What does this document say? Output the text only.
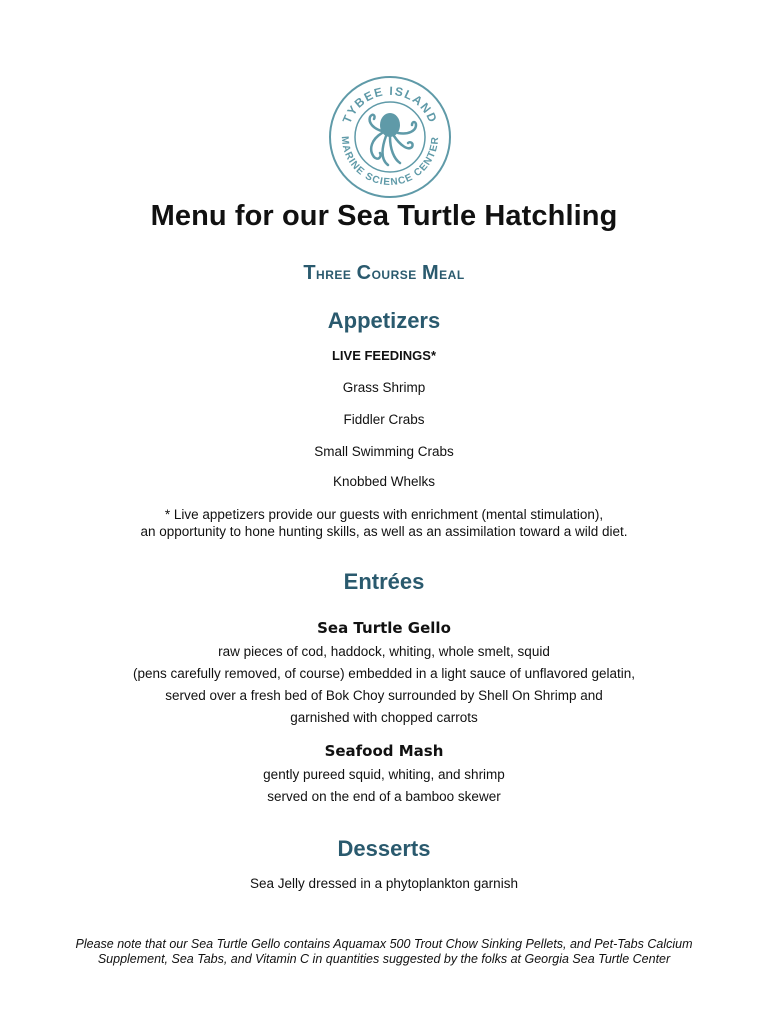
TYBEE ISLAND
MARINE SCIENCE CENTER
Menu for our Sea Turtle Hatchling
Three Course Meal
Appetizers
LIVE FEEDINGS*
Grass Shrimp
Fiddler Crabs
Small Swimming Crabs
Knobbed Whelks
* Live appetizers provide our guests with enrichment (mental stimulation),
an opportunity to hone hunting skills, as well as an assimilation toward a wild diet.
Entrées
Sea Turtle Gello
raw pieces of cod, haddock, whiting, whole smelt, squid
(pens carefully removed, of course) embedded in a light sauce of unflavored gelatin,
served over a fresh bed of Bok Choy surrounded by Shell On Shrimp and
garnished with chopped carrots
Seafood Mash
gently pureed squid, whiting, and shrimp
served on the end of a bamboo skewer
Desserts
Sea Jelly dressed in a phytoplankton garnish
Please note that our Sea Turtle Gello contains Aquamax 500 Trout Chow Sinking Pellets, and Pet-Tabs Calcium
Supplement, Sea Tabs, and Vitamin C in quantities suggested by the folks at Georgia Sea Turtle Center
